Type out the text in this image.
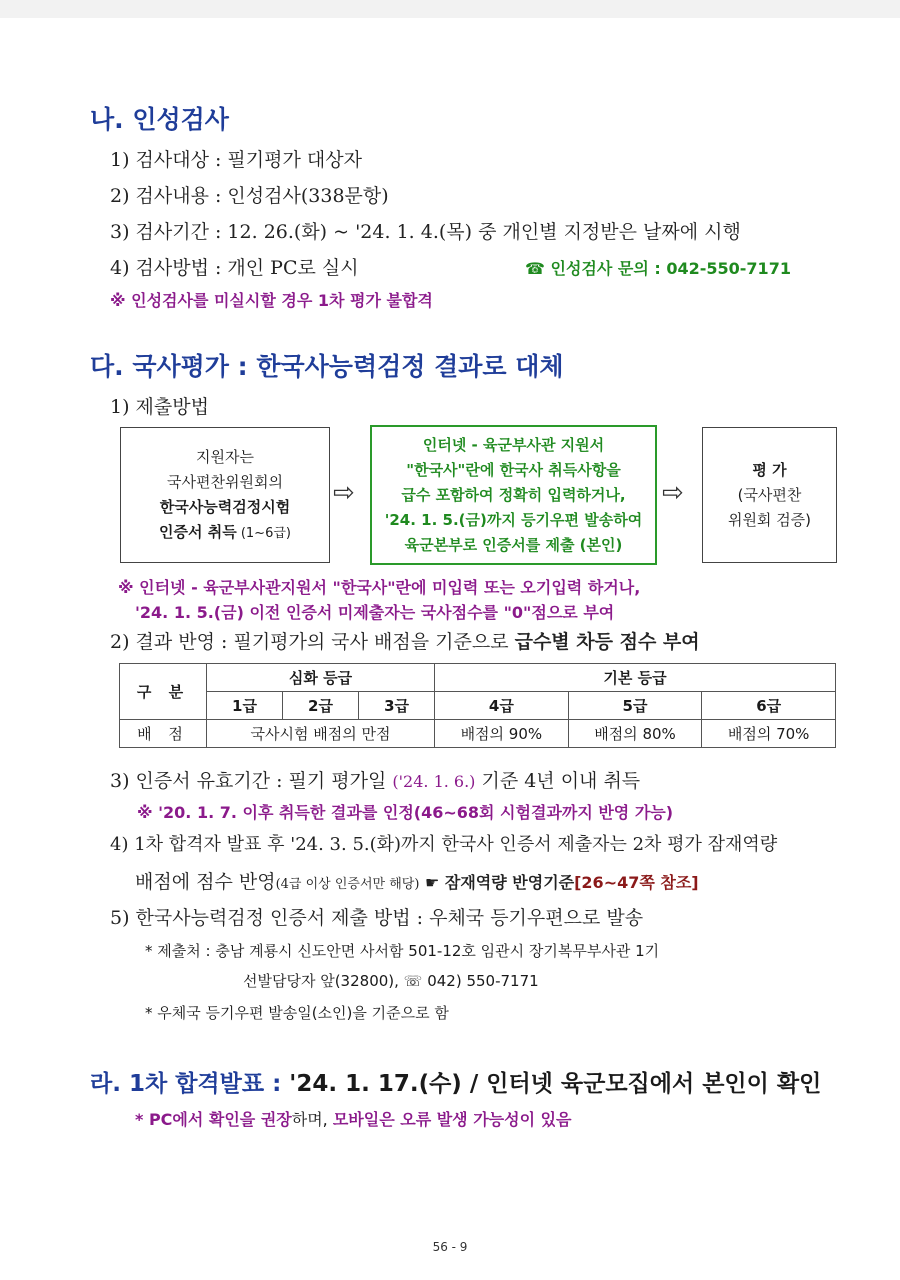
나. 인성검사
1) 검사대상 : 필기평가 대상자
2) 검사내용 : 인성검사(338문항)
3) 검사기간 : 12. 26.(화) ~ '24. 1. 4.(목) 중 개인별 지정받은 날짜에 시행
4) 검사방법 : 개인 PC로 실시	☎ 인성검사 문의 : 042-550-7171
※ 인성검사를 미실시할 경우 1차 평가 불합격
다. 국사평가 : 한국사능력검정 결과로 대체
1) 제출방법
지원자는
국사편찬위원회의
한국사능력검정시험
인증서 취득 (1~6급)
⇨
인터넷 - 육군부사관 지원서
"한국사"란에 한국사 취득사항을
급수 포함하여 정확히 입력하거나,
'24. 1. 5.(금)까지 등기우편 발송하여
육군본부로 인증서를 제출 (본인)
⇨
평 가
(국사편찬
위원회 검증)
※ 인터넷 - 육군부사관지원서 "한국사"란에 미입력 또는 오기입력 하거나,
'24. 1. 5.(금) 이전 인증서 미제출자는 국사점수를 "0"점으로 부여
2) 결과 반영 : 필기평가의 국사 배점을 기준으로 급수별 차등 점수 부여
구 분	심화 등급			기본 등급		
	1급	2급	3급	4급	5급	6급
배 점	국사시험 배점의 만점			배점의 90%	배점의 80%	배점의 70%
3) 인증서 유효기간 : 필기 평가일 ('24. 1. 6.) 기준 4년 이내 취득
※ '20. 1. 7. 이후 취득한 결과를 인정(46~68회 시험결과까지 반영 가능)
4) 1차 합격자 발표 후 '24. 3. 5.(화)까지 한국사 인증서 제출자는 2차 평가 잠재역량
배점에 점수 반영(4급 이상 인증서만 해당) ☛ 잠재역량 반영기준[26~47쪽 참조]
5) 한국사능력검정 인증서 제출 방법 : 우체국 등기우편으로 발송
* 제출처 : 충남 계룡시 신도안면 사서함 501-12호 임관시 장기복무부사관 1기
선발담당자 앞(32800), ☏ 042) 550-7171
* 우체국 등기우편 발송일(소인)을 기준으로 함
라. 1차 합격발표 : '24. 1. 17.(수) / 인터넷 육군모집에서 본인이 확인
* PC에서 확인을 권장하며, 모바일은 오류 발생 가능성이 있음
56 - 9
